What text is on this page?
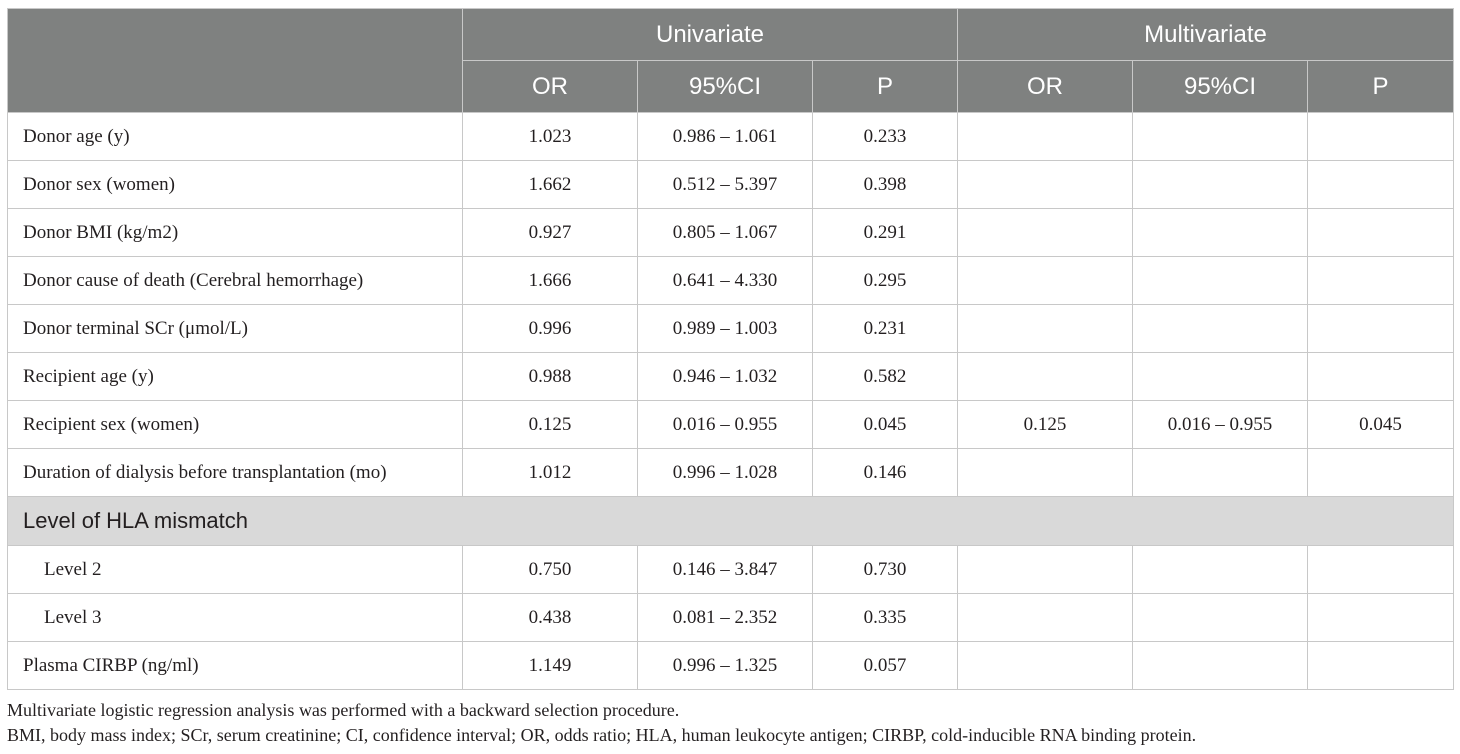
	Univariate			Multivariate		
	OR	95%CI	P	OR	95%CI	P
Donor age (y)	1.023	0.986 – 1.061	0.233			
Donor sex (women)	1.662	0.512 – 5.397	0.398			
Donor BMI (kg/m2)	0.927	0.805 – 1.067	0.291			
Donor cause of death (Cerebral hemorrhage)	1.666	0.641 – 4.330	0.295			
Donor terminal SCr (μmol/L)	0.996	0.989 – 1.003	0.231			
Recipient age (y)	0.988	0.946 – 1.032	0.582			
Recipient sex (women)	0.125	0.016 – 0.955	0.045	0.125	0.016 – 0.955	0.045
Duration of dialysis before transplantation (mo)	1.012	0.996 – 1.028	0.146			
Level of HLA mismatch						
Level 2	0.750	0.146 – 3.847	0.730			
Level 3	0.438	0.081 – 2.352	0.335			
Plasma CIRBP (ng/ml)	1.149	0.996 – 1.325	0.057			
Multivariate logistic regression analysis was performed with a backward selection procedure.
BMI, body mass index; SCr, serum creatinine; CI, confidence interval; OR, odds ratio; HLA, human leukocyte antigen; CIRBP, cold-inducible RNA binding protein.
